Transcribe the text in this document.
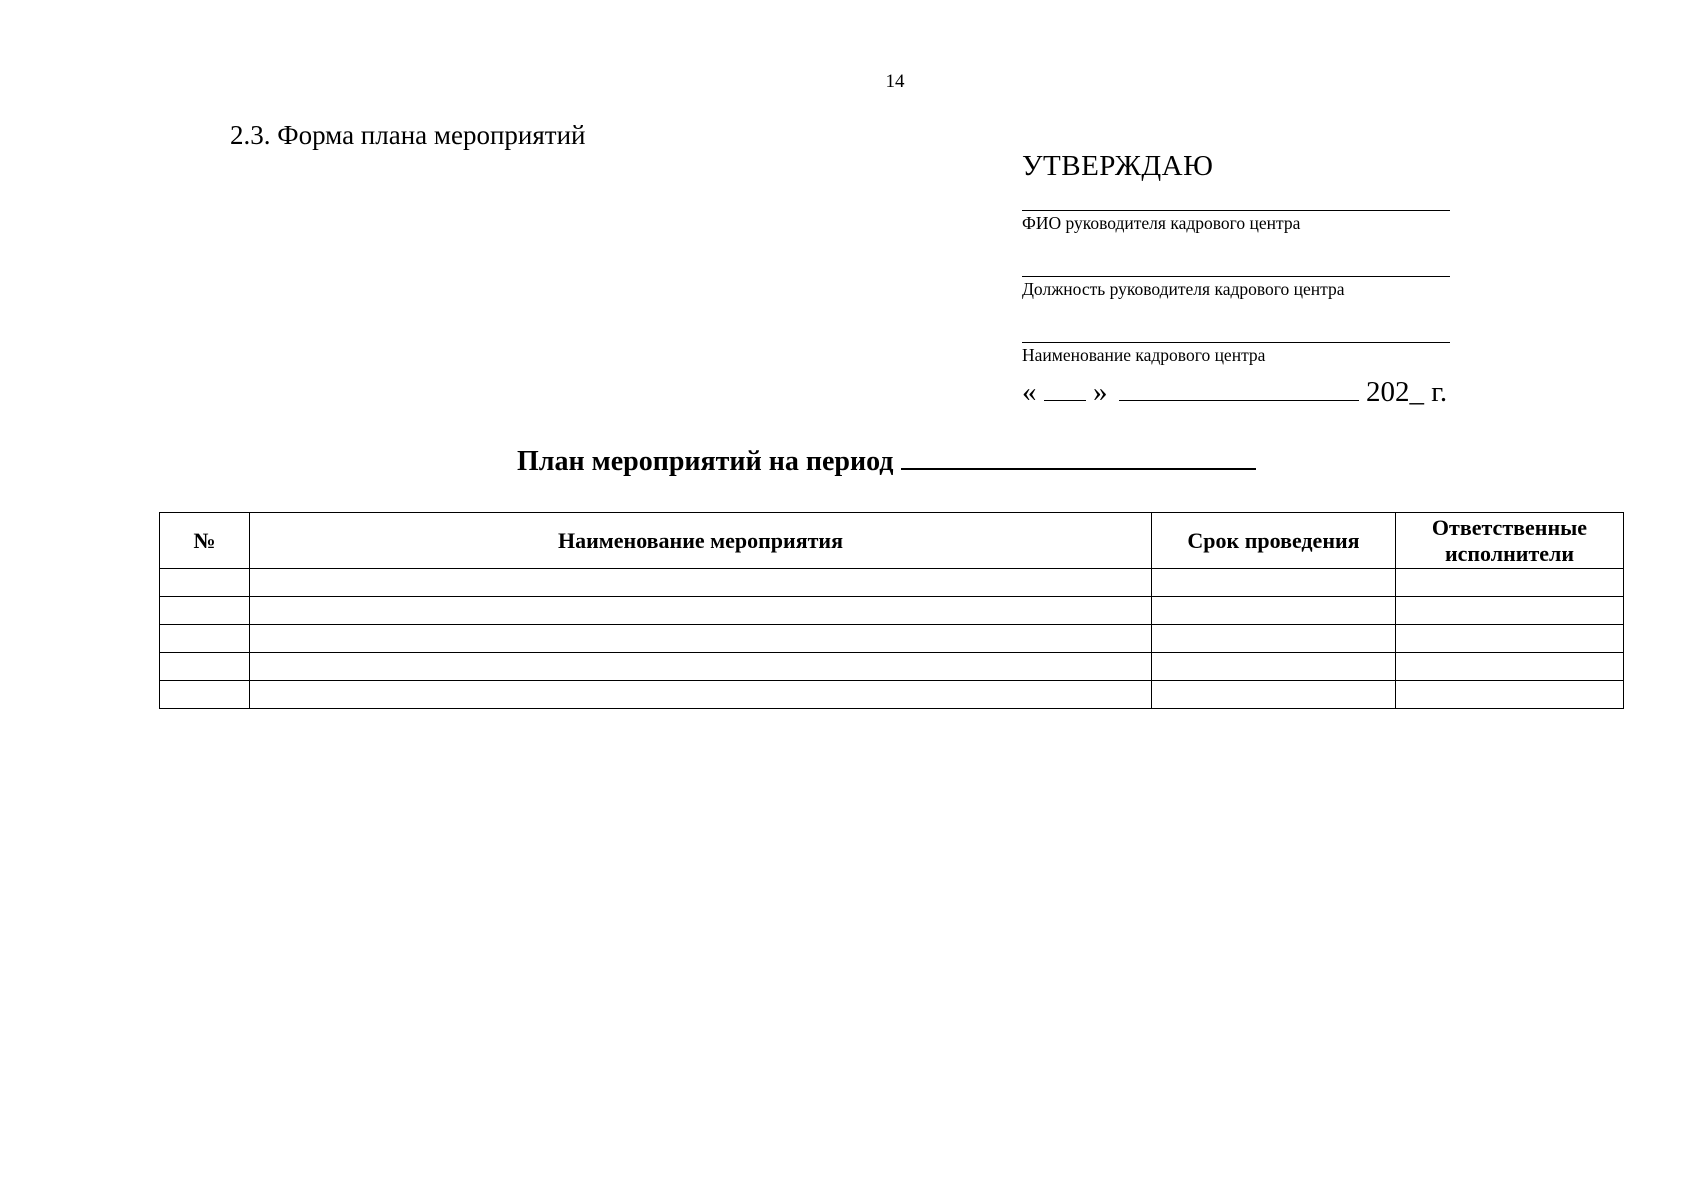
14
2.3. Форма плана мероприятий
УТВЕРЖДАЮ
ФИО руководителя кадрового центра
Должность руководителя кадрового центра
Наименование кадрового центра
« »	202_ г.
План мероприятий на период
№	Наименование мероприятия	Срок проведения	Ответственные исполнители
